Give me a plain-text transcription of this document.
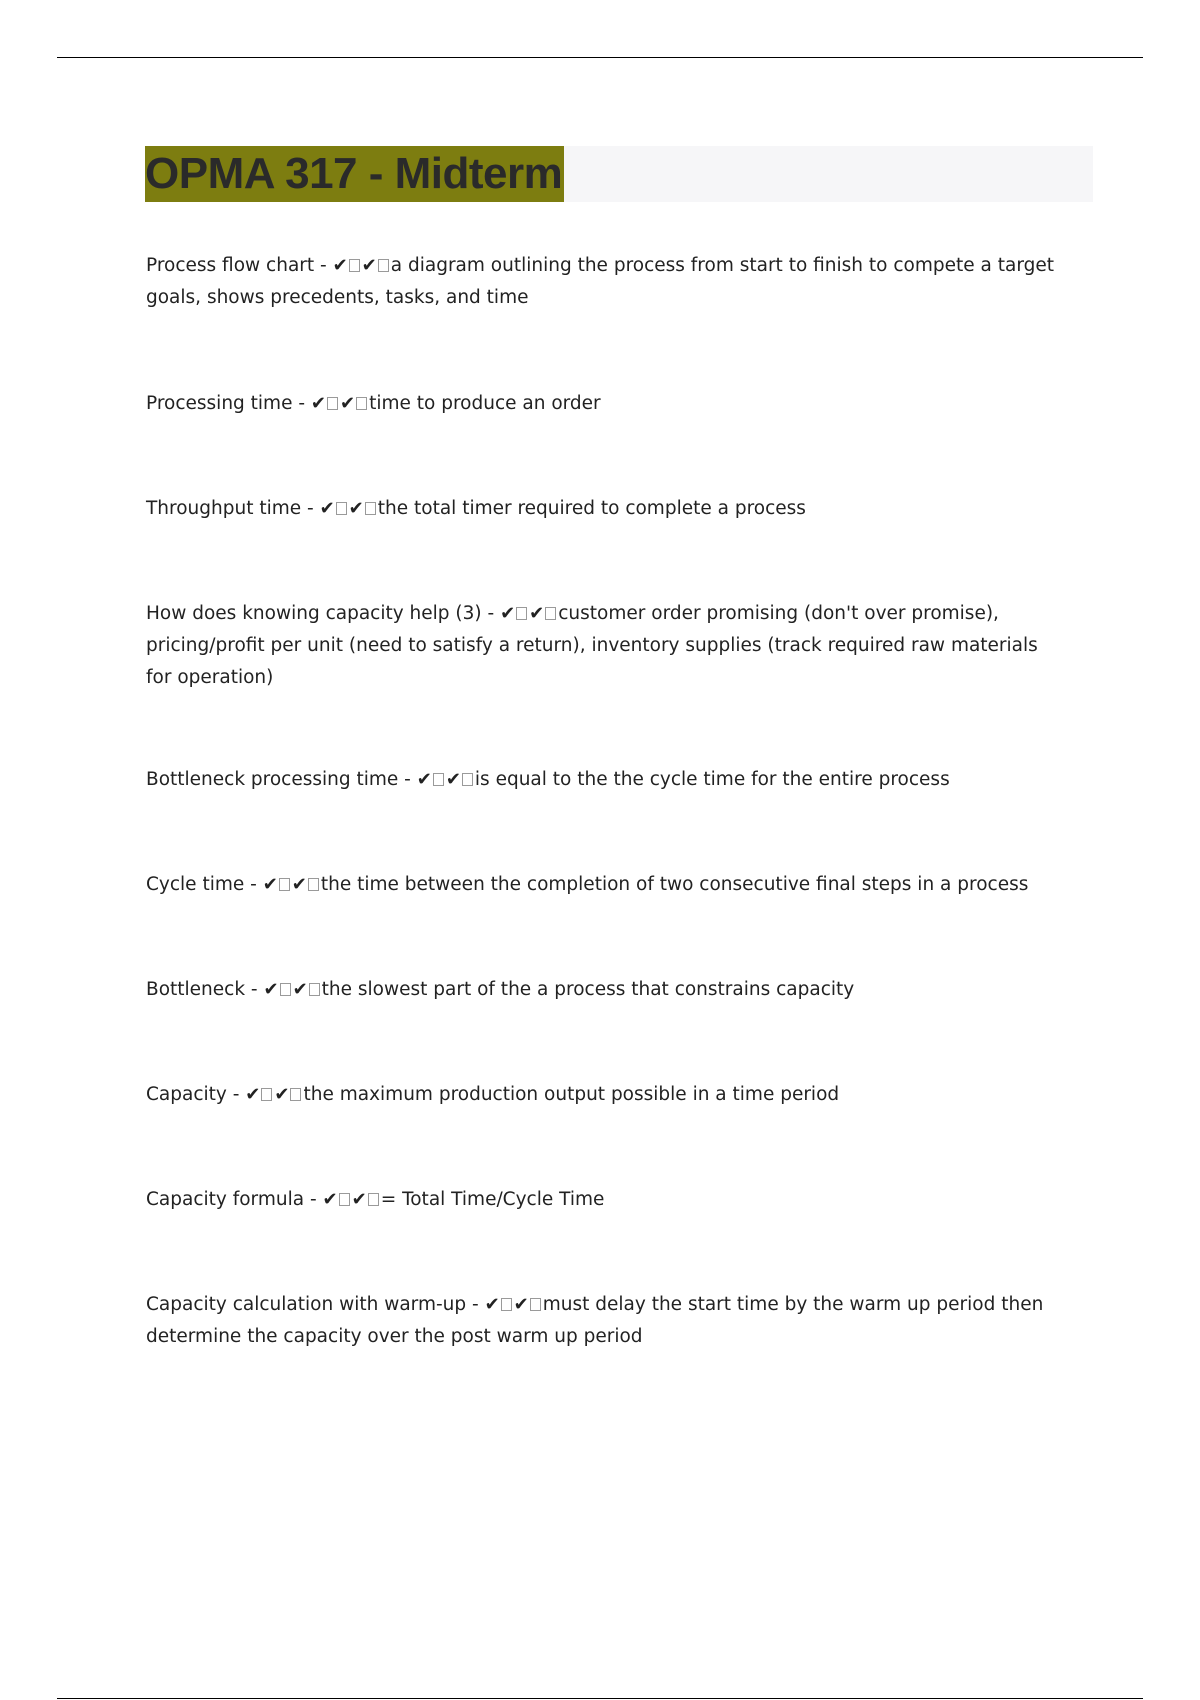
OPMA 317 - Midterm
Process flow chart - ✔ ✔ a diagram outlining the process from start to finish to compete a target goals, shows precedents, tasks, and time
Processing time - ✔ ✔ time to produce an order
Throughput time - ✔ ✔ the total timer required to complete a process
How does knowing capacity help (3) - ✔ ✔ customer order promising (don't over promise), pricing/profit per unit (need to satisfy a return), inventory supplies (track required raw materials for operation)
Bottleneck processing time - ✔ ✔ is equal to the the cycle time for the entire process
Cycle time - ✔ ✔ the time between the completion of two consecutive final steps in a process
Bottleneck - ✔ ✔ the slowest part of the a process that constrains capacity
Capacity - ✔ ✔ the maximum production output possible in a time period
Capacity formula - ✔ ✔ = Total Time/Cycle Time
Capacity calculation with warm-up - ✔ ✔ must delay the start time by the warm up period then determine the capacity over the post warm up period
